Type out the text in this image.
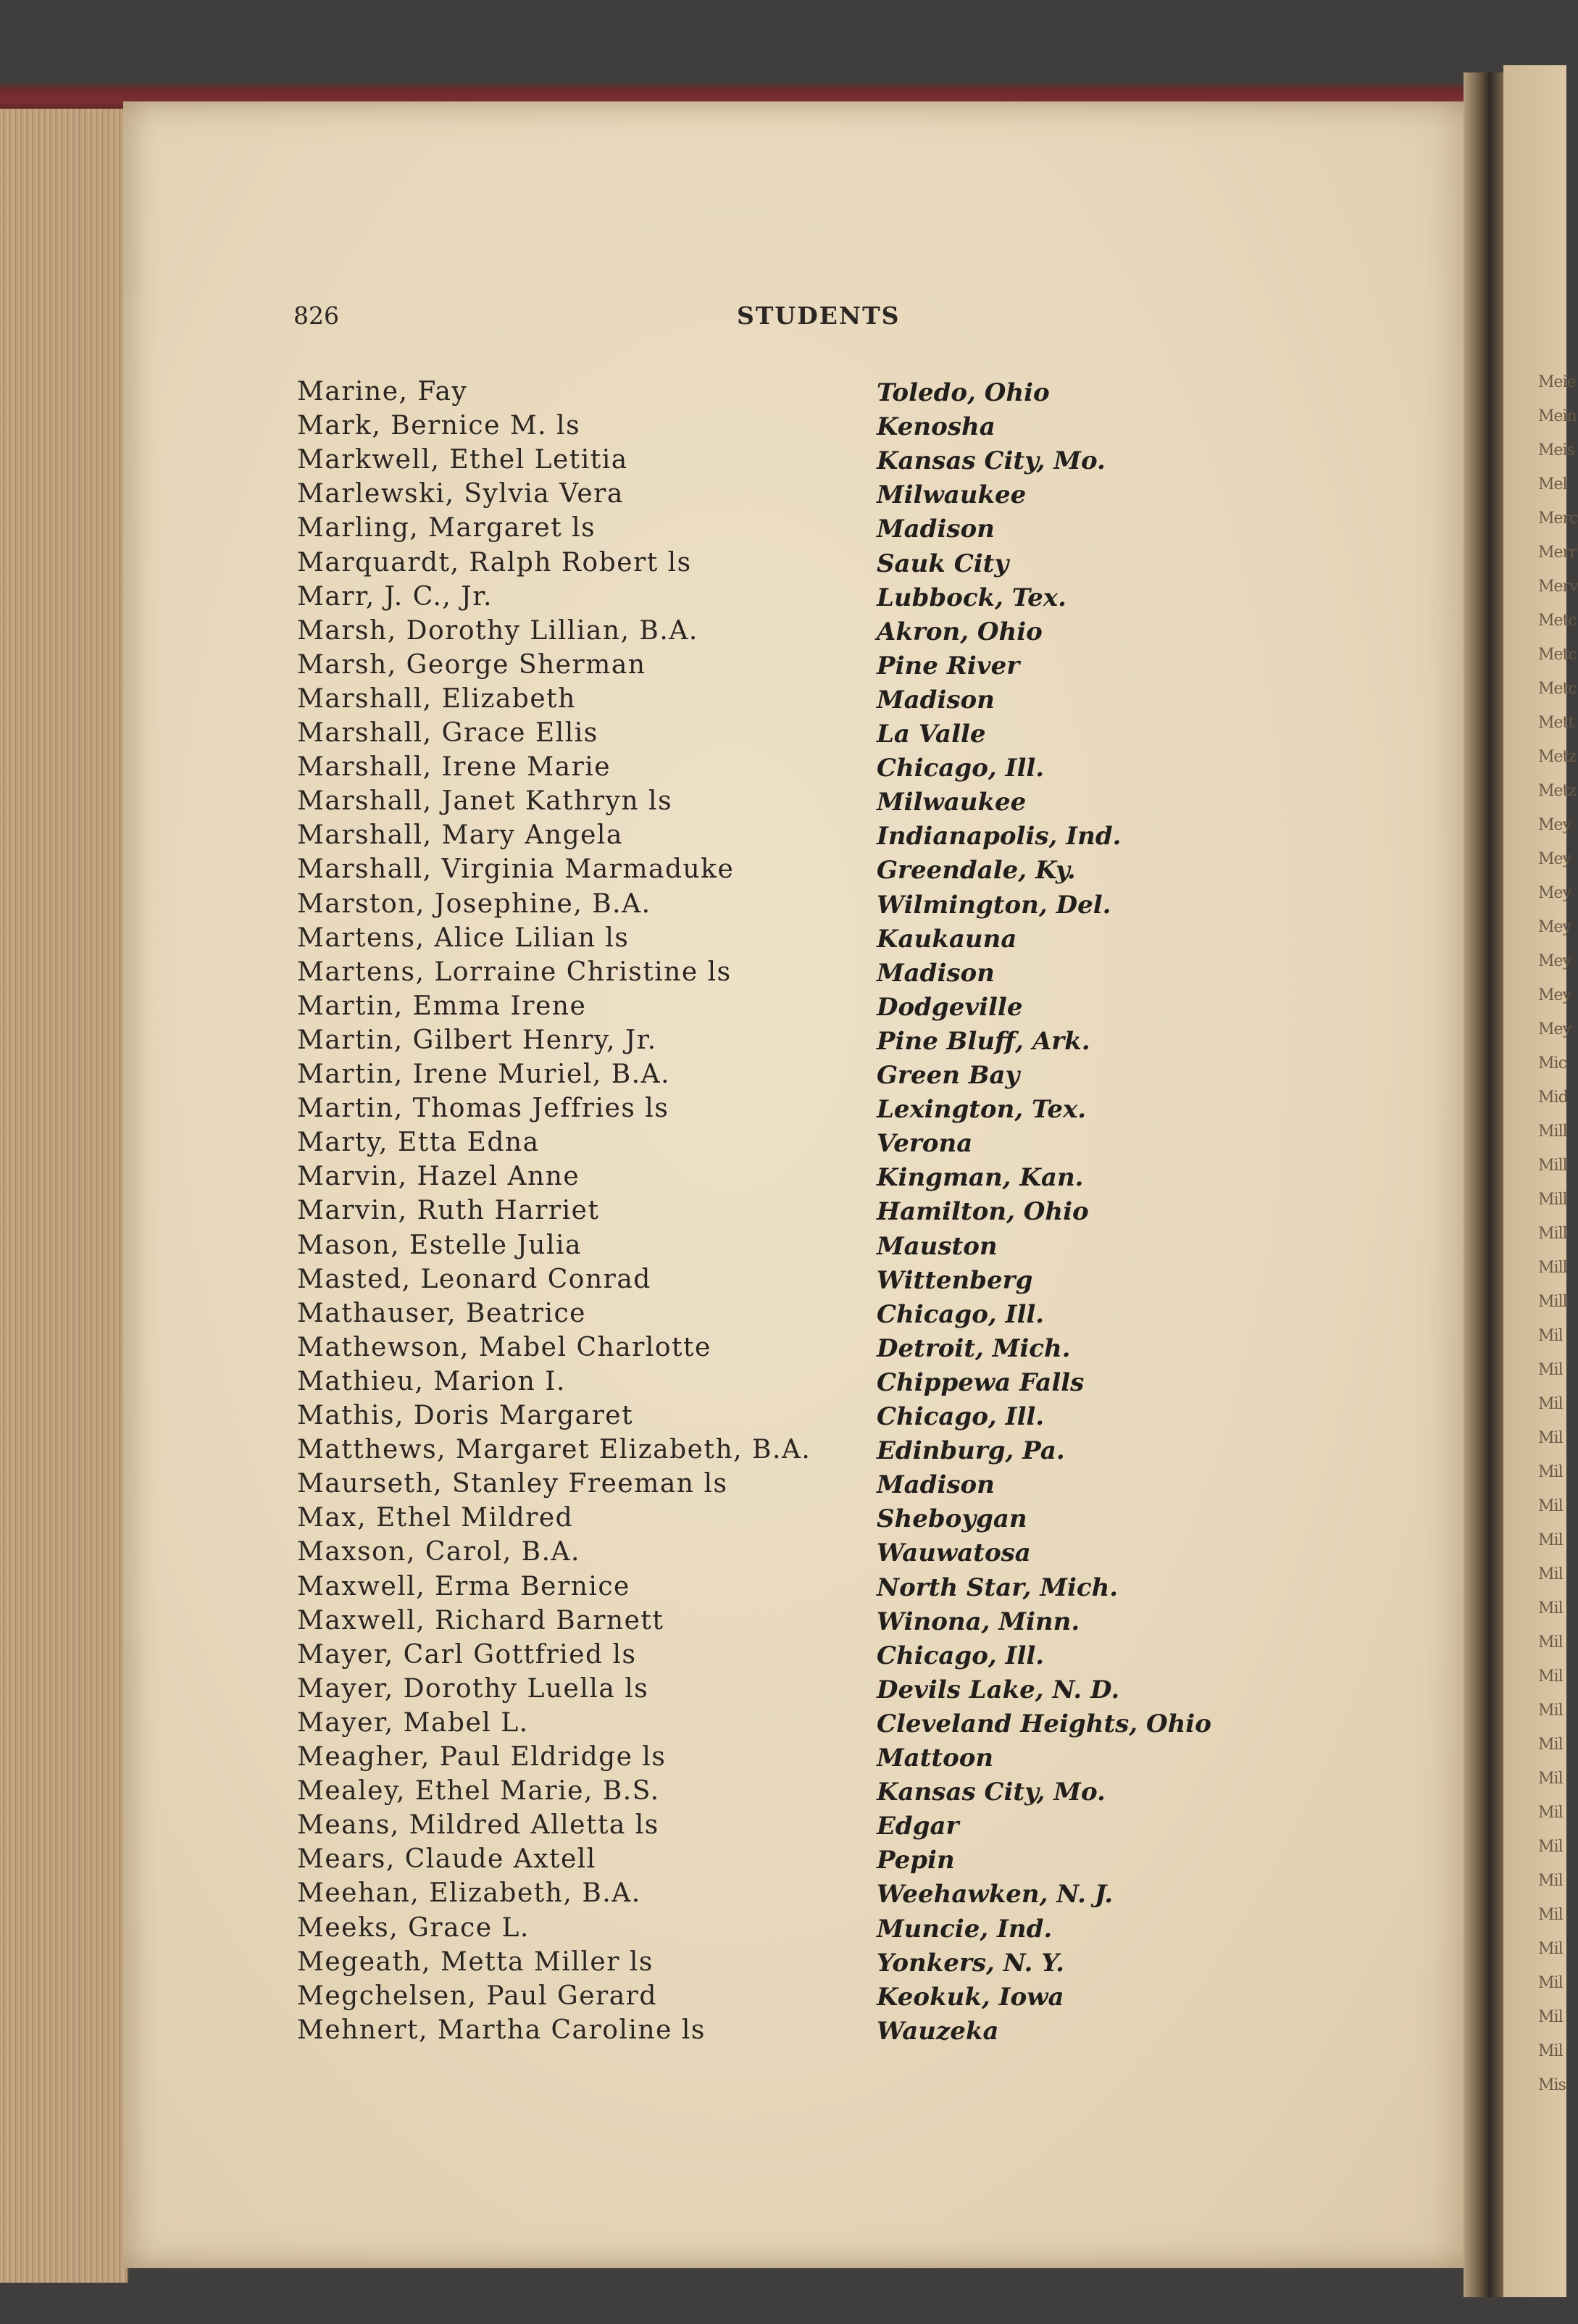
Meie
Mein
Meis
Mel
Merc
Merr
Merv
Metc
Metc
Metc
Mett
Metz
Metz
Mey
Mey
Mey
Mey
Mey
Mey
Mey
Mic
Mid
Mill
Mill
Mill
Mill
Mill
Mill
Mil
Mil
Mil
Mil
Mil
Mil
Mil
Mil
Mil
Mil
Mil
Mil
Mil
Mil
Mil
Mil
Mil
Mil
Mil
Mil
Mil
Mil
Mis
826	STUDENTS
Marine, Fay	Toledo, Ohio
Mark, Bernice M. ls	Kenosha
Markwell, Ethel Letitia	Kansas City, Mo.
Marlewski, Sylvia Vera	Milwaukee
Marling, Margaret ls	Madison
Marquardt, Ralph Robert ls	Sauk City
Marr, J. C., Jr.	Lubbock, Tex.
Marsh, Dorothy Lillian, B.A.	Akron, Ohio
Marsh, George Sherman	Pine River
Marshall, Elizabeth	Madison
Marshall, Grace Ellis	La Valle
Marshall, Irene Marie	Chicago, Ill.
Marshall, Janet Kathryn ls	Milwaukee
Marshall, Mary Angela	Indianapolis, Ind.
Marshall, Virginia Marmaduke	Greendale, Ky.
Marston, Josephine, B.A.	Wilmington, Del.
Martens, Alice Lilian ls	Kaukauna
Martens, Lorraine Christine ls	Madison
Martin, Emma Irene	Dodgeville
Martin, Gilbert Henry, Jr.	Pine Bluff, Ark.
Martin, Irene Muriel, B.A.	Green Bay
Martin, Thomas Jeffries ls	Lexington, Tex.
Marty, Etta Edna	Verona
Marvin, Hazel Anne	Kingman, Kan.
Marvin, Ruth Harriet	Hamilton, Ohio
Mason, Estelle Julia	Mauston
Masted, Leonard Conrad	Wittenberg
Mathauser, Beatrice	Chicago, Ill.
Mathewson, Mabel Charlotte	Detroit, Mich.
Mathieu, Marion I.	Chippewa Falls
Mathis, Doris Margaret	Chicago, Ill.
Matthews, Margaret Elizabeth, B.A.	Edinburg, Pa.
Maurseth, Stanley Freeman ls	Madison
Max, Ethel Mildred	Sheboygan
Maxson, Carol, B.A.	Wauwatosa
Maxwell, Erma Bernice	North Star, Mich.
Maxwell, Richard Barnett	Winona, Minn.
Mayer, Carl Gottfried ls	Chicago, Ill.
Mayer, Dorothy Luella ls	Devils Lake, N. D.
Mayer, Mabel L.	Cleveland Heights, Ohio
Meagher, Paul Eldridge ls	Mattoon
Mealey, Ethel Marie, B.S.	Kansas City, Mo.
Means, Mildred Alletta ls	Edgar
Mears, Claude Axtell	Pepin
Meehan, Elizabeth, B.A.	Weehawken, N. J.
Meeks, Grace L.	Muncie, Ind.
Megeath, Metta Miller ls	Yonkers, N. Y.
Megchelsen, Paul Gerard	Keokuk, Iowa
Mehnert, Martha Caroline ls	Wauzeka
